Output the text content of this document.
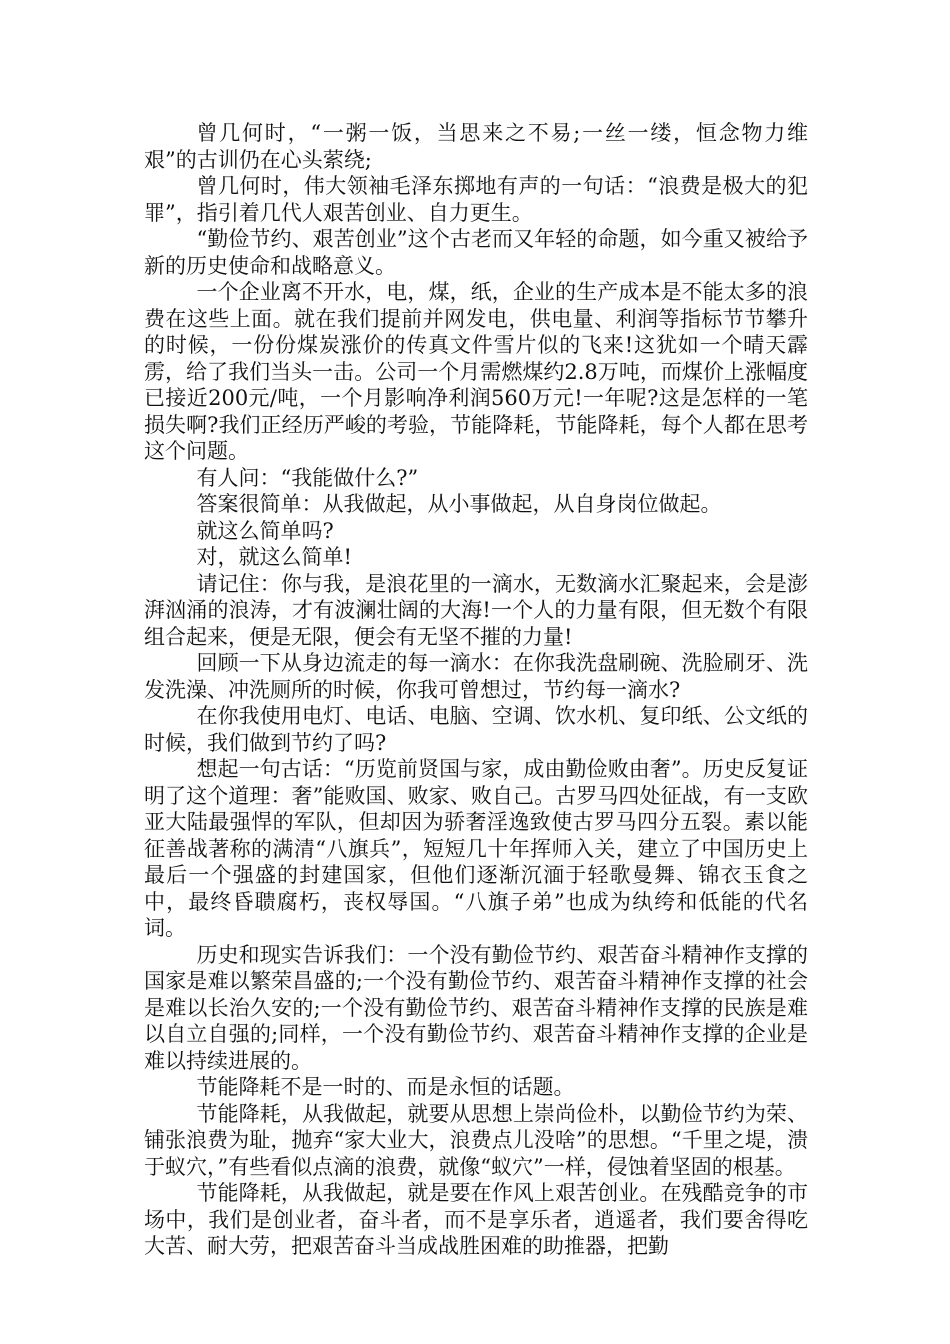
曾几何时，“一粥一饭，当思来之不易;一丝一缕，恒念物力维艰”的古训仍在心头萦绕;

曾几何时，伟大领袖毛泽东掷地有声的一句话：“浪费是极大的犯罪”，指引着几代人艰苦创业、自力更生。

“勤俭节约、艰苦创业”这个古老而又年轻的命题，如今重又被给予新的历史使命和战略意义。

一个企业离不开水，电，煤，纸，企业的生产成本是不能太多的浪费在这些上面。就在我们提前并网发电，供电量、利润等指标节节攀升的时候，一份份煤炭涨价的传真文件雪片似的飞来!这犹如一个晴天霹雳，给了我们当头一击。公司一个月需燃煤约2.8万吨，而煤价上涨幅度已接近200元/吨，一个月影响净利润560万元!一年呢?这是怎样的一笔损失啊?我们正经历严峻的考验，节能降耗，节能降耗，每个人都在思考这个问题。

有人问：“我能做什么?”

答案很简单：从我做起，从小事做起，从自身岗位做起。

就这么简单吗?

对，就这么简单!

请记住：你与我，是浪花里的一滴水，无数滴水汇聚起来，会是澎湃汹涌的浪涛，才有波澜壮阔的大海!一个人的力量有限，但无数个有限组合起来，便是无限，便会有无坚不摧的力量!

回顾一下从身边流走的每一滴水：在你我洗盘刷碗、洗脸刷牙、洗发洗澡、冲洗厕所的时候，你我可曾想过，节约每一滴水?

在你我使用电灯、电话、电脑、空调、饮水机、复印纸、公文纸的时候，我们做到节约了吗?

想起一句古话：“历览前贤国与家，成由勤俭败由奢”。历史反复证明了这个道理：奢”能败国、败家、败自己。古罗马四处征战，有一支欧亚大陆最强悍的军队，但却因为骄奢淫逸致使古罗马四分五裂。素以能征善战著称的满清“八旗兵”，短短几十年挥师入关，建立了中国历史上最后一个强盛的封建国家，但他们逐渐沉湎于轻歌曼舞、锦衣玉食之中，最终昏聩腐朽，丧权辱国。“八旗子弟”也成为纨绔和低能的代名词。

历史和现实告诉我们：一个没有勤俭节约、艰苦奋斗精神作支撑的国家是难以繁荣昌盛的;一个没有勤俭节约、艰苦奋斗精神作支撑的社会是难以长治久安的;一个没有勤俭节约、艰苦奋斗精神作支撑的民族是难以自立自强的;同样，一个没有勤俭节约、艰苦奋斗精神作支撑的企业是难以持续进展的。

节能降耗不是一时的、而是永恒的话题。

节能降耗，从我做起，就要从思想上崇尚俭朴，以勤俭节约为荣、铺张浪费为耻，抛弃“家大业大，浪费点儿没啥”的思想。“千里之堤，溃于蚁穴，”有些看似点滴的浪费，就像“蚁穴”一样，侵蚀着坚固的根基。

节能降耗，从我做起，就是要在作风上艰苦创业。在残酷竞争的市场中，我们是创业者，奋斗者，而不是享乐者，逍遥者，我们要舍得吃大苦、耐大劳，把艰苦奋斗当成战胜困难的助推器，把勤
